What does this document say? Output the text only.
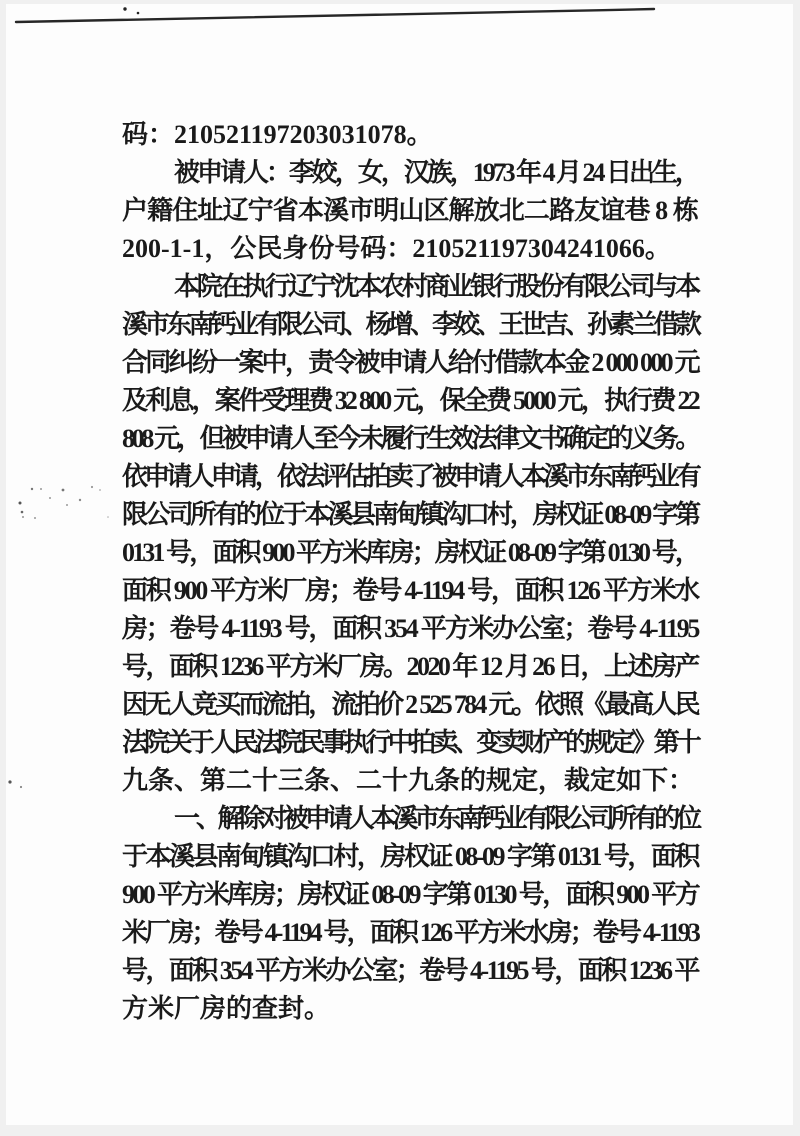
码：210521197203031078。
被申请人：李姣，女，汉族，1973 年 4 月 24 日出生，
户籍住址辽宁省本溪市明山区解放北二路友谊巷 8 栋
200-1-1，公民身份号码：210521197304241066。
本院在执行辽宁沈本农村商业银行股份有限公司与本
溪市东南钙业有限公司、杨增、李姣、王世吉、孙素兰借款
合同纠纷一案中，责令被申请人给付借款本金 2 000 000 元
及利息，案件受理费 32 800 元，保全费 5000 元，执行费 22
808 元，但被申请人至今未履行生效法律文书确定的义务。
依申请人申请，依法评估拍卖了被申请人本溪市东南钙业有
限公司所有的位于本溪县南甸镇沟口村，房权证 08-09 字第
0131 号，面积 900 平方米库房；房权证 08-09 字第 0130 号，
面积 900 平方米厂房；卷号 4-1194 号，面积 126 平方米水
房；卷号 4-1193 号，面积 354 平方米办公室；卷号 4-1195
号，面积 1236 平方米厂房。2020 年 12 月 26 日，上述房产
因无人竞买而流拍，流拍价 2 525 784 元。依照《最高人民
法院关于人民法院民事执行中拍卖、变卖财产的规定》第十
九条、第二十三条、二十九条的规定，裁定如下：
一、解除对被申请人本溪市东南钙业有限公司所有的位
于本溪县南甸镇沟口村，房权证 08-09 字第 0131 号，面积
900 平方米库房；房权证 08-09 字第 0130 号，面积 900 平方
米厂房；卷号 4-1194 号，面积 126 平方米水房；卷号 4-1193
号，面积 354 平方米办公室；卷号 4-1195 号，面积 1236 平
方米厂房的查封。
